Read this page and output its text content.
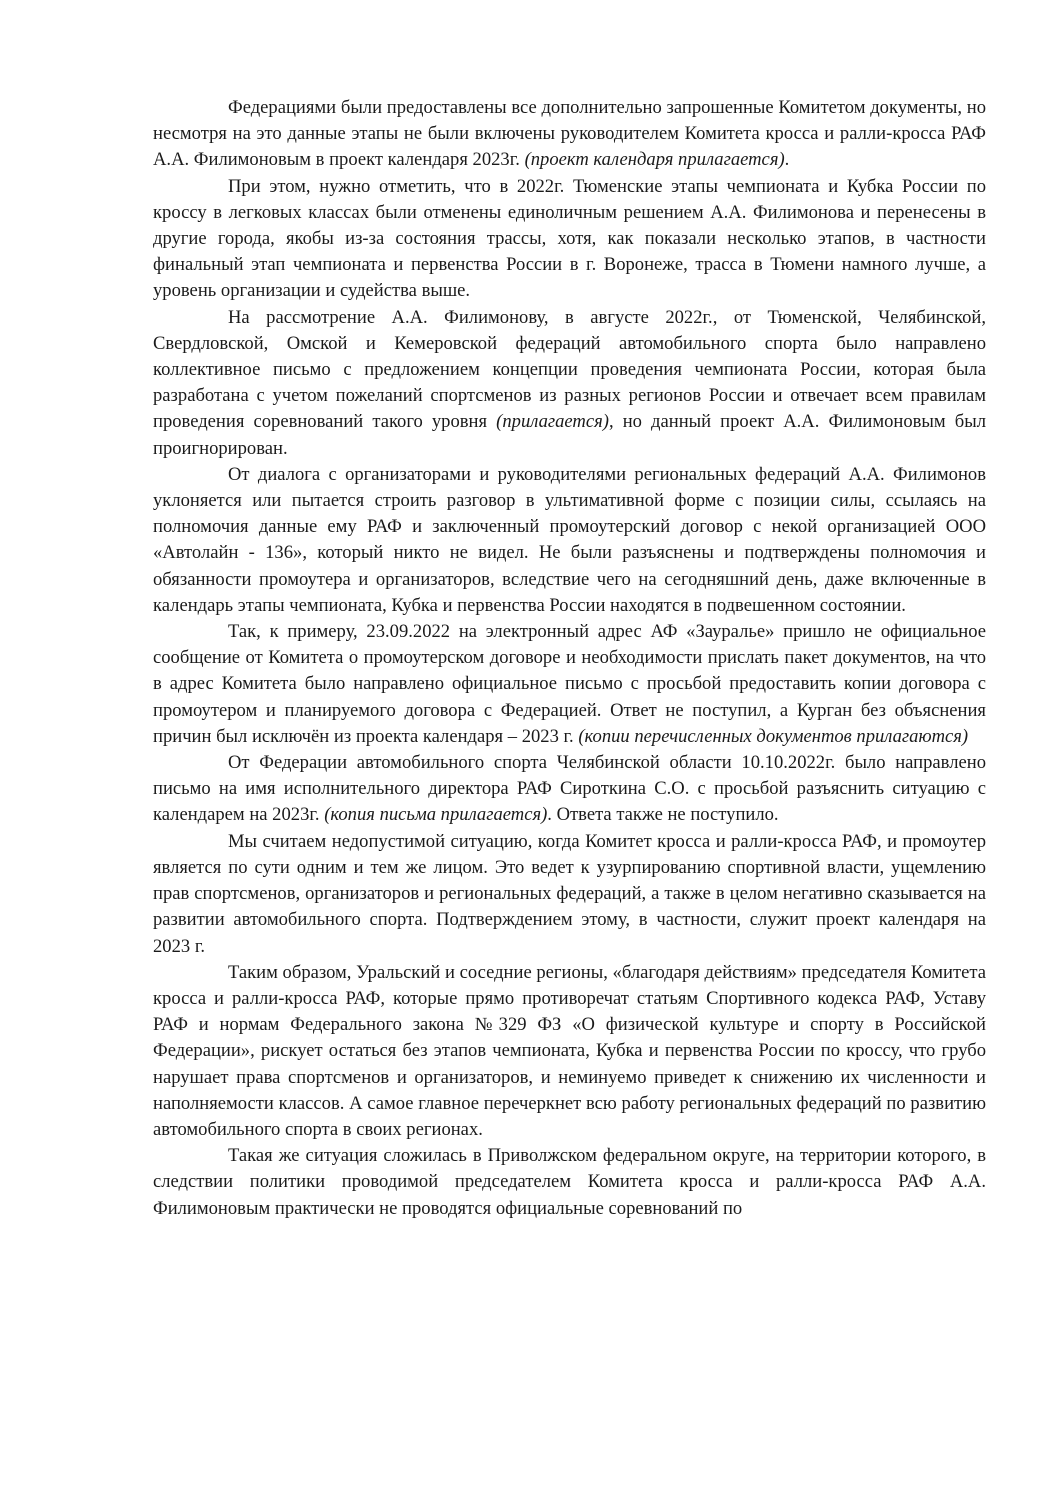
Федерациями были предоставлены все дополнительно запрошенные Комитетом документы, но несмотря на это данные этапы не были включены руководителем Комитета кросса и ралли-кросса РАФ А.А. Филимоновым в проект календаря 2023г. (проект календаря прилагается).

При этом, нужно отметить, что в 2022г. Тюменские этапы чемпионата и Кубка России по кроссу в легковых классах были отменены единоличным решением А.А. Филимонова и перенесены в другие города, якобы из-за состояния трассы, хотя, как показали несколько этапов, в частности финальный этап чемпионата и первенства России в г. Воронеже, трасса в Тюмени намного лучше, а уровень организации и судейства выше.

На рассмотрение А.А. Филимонову, в августе 2022г., от Тюменской, Челябинской, Свердловской, Омской и Кемеровской федераций автомобильного спорта было направлено коллективное письмо с предложением концепции проведения чемпионата России, которая была разработана с учетом пожеланий спортсменов из разных регионов России и отвечает всем правилам проведения соревнований такого уровня (прилагается), но данный проект А.А. Филимоновым был проигнорирован.

От диалога с организаторами и руководителями региональных федераций А.А. Филимонов уклоняется или пытается строить разговор в ультимативной форме с позиции силы, ссылаясь на полномочия данные ему РАФ и заключенный промоутерский договор с некой организацией ООО «Автолайн - 136», который никто не видел. Не были разъяснены и подтверждены полномочия и обязанности промоутера и организаторов, вследствие чего на сегодняшний день, даже включенные в календарь этапы чемпионата, Кубка и первенства России находятся в подвешенном состоянии.

Так, к примеру, 23.09.2022 на электронный адрес АФ «Зауралье» пришло не официальное сообщение от Комитета о промоутерском договоре и необходимости прислать пакет документов, на что в адрес Комитета было направлено официальное письмо с просьбой предоставить копии договора с промоутером и планируемого договора с Федерацией. Ответ не поступил, а Курган без объяснения причин был исключён из проекта календаря – 2023 г. (копии перечисленных документов прилагаются)

От Федерации автомобильного спорта Челябинской области 10.10.2022г. было направлено письмо на имя исполнительного директора РАФ Сироткина С.О. с просьбой разъяснить ситуацию с календарем на 2023г. (копия письма прилагается). Ответа также не поступило.

Мы считаем недопустимой ситуацию, когда Комитет кросса и ралли-кросса РАФ, и промоутер является по сути одним и тем же лицом. Это ведет к узурпированию спортивной власти, ущемлению прав спортсменов, организаторов и региональных федераций, а также в целом негативно сказывается на развитии автомобильного спорта. Подтверждением этому, в частности, служит проект календаря на 2023 г.

Таким образом, Уральский и соседние регионы, «благодаря действиям» председателя Комитета кросса и ралли-кросса РАФ, которые прямо противоречат статьям Спортивного кодекса РАФ, Уставу РАФ и нормам Федерального закона №329 ФЗ «О физической культуре и спорту в Российской Федерации», рискует остаться без этапов чемпионата, Кубка и первенства России по кроссу, что грубо нарушает права спортсменов и организаторов, и неминуемо приведет к снижению их численности и наполняемости классов. А самое главное перечеркнет всю работу региональных федераций по развитию автомобильного спорта в своих регионах.

Такая же ситуация сложилась в Приволжском федеральном округе, на территории которого, в следствии политики проводимой председателем Комитета кросса и ралли-кросса РАФ А.А. Филимоновым практически не проводятся официальные соревнований по
